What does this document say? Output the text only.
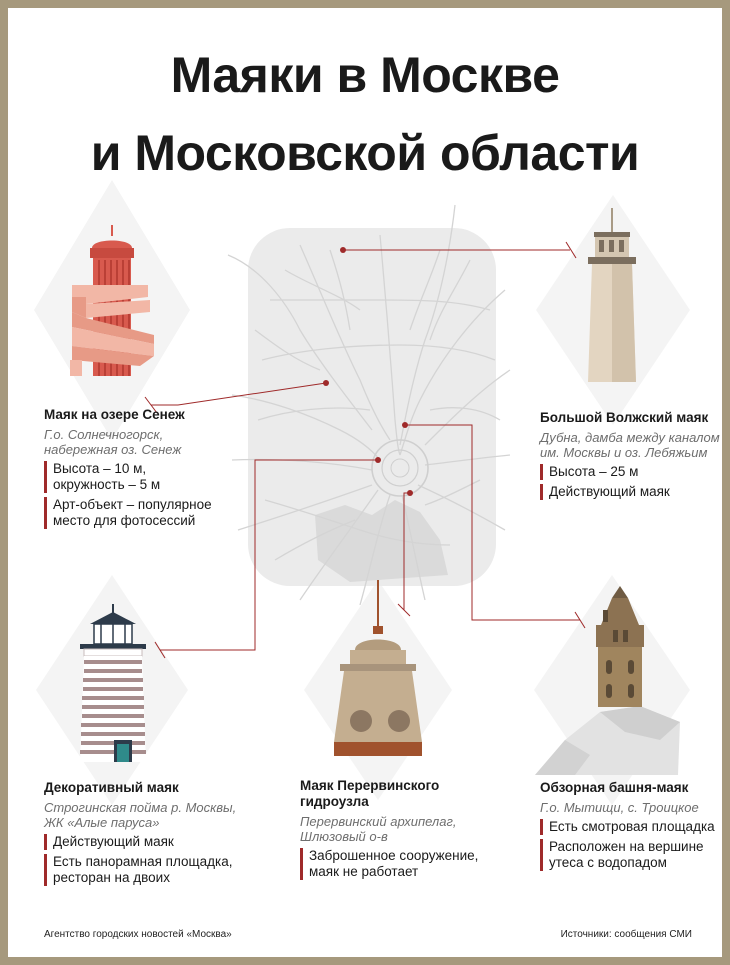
Маяки в Москве
и Московской области
Маяк на озере Сенеж
Г.о. Солнечногорск,
набережная оз. Сенеж
Высота – 10 м,
окружность – 5 м
Арт-объект – популярное
место для фотосессий
Большой Волжский маяк
Дубна, дамба между каналом
им. Москвы и оз. Лебяжьим
Высота – 25 м
Действующий маяк
Декоративный маяк
Строгинская пойма р. Москвы,
ЖК «Алые паруса»
Действующий маяк
Есть панорамная площадка,
ресторан на двоих
Маяк Перервинского
гидроузла
Перервинский архипелаг,
Шлюзовый о-в
Заброшенное сооружение,
маяк не работает
Обзорная башня-маяк
Г.о. Мытищи, с. Троицкое
Есть смотровая площадка
Расположен на вершине
утеса с водопадом
Агентство городских новостей «Москва»	Источники: сообщения СМИ
